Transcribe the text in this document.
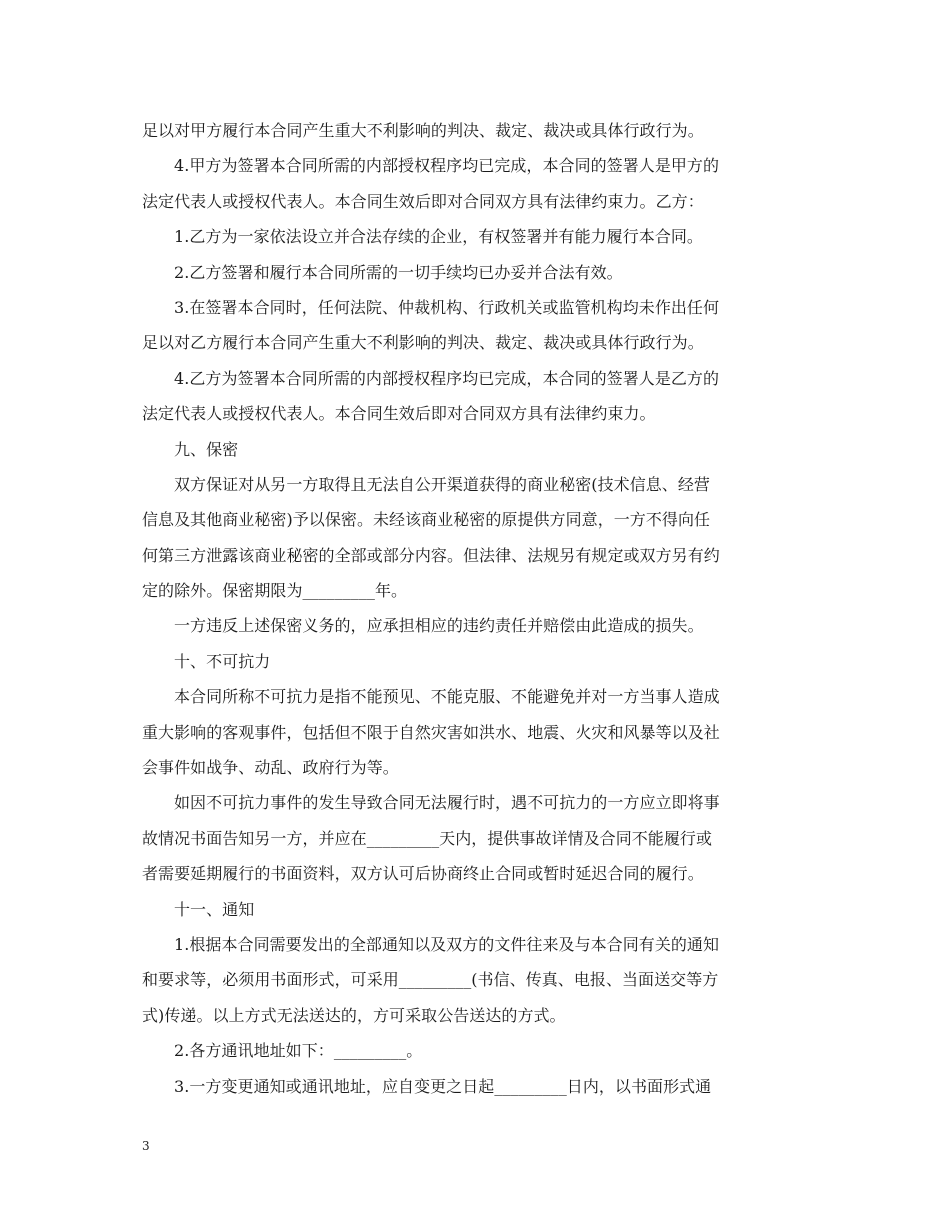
足以对甲方履行本合同产生重大不利影响的判决、裁定、裁决或具体行政行为。
4.甲方为签署本合同所需的内部授权程序均已完成，本合同的签署人是甲方的
法定代表人或授权代表人。本合同生效后即对合同双方具有法律约束力。乙方：
1.乙方为一家依法设立并合法存续的企业，有权签署并有能力履行本合同。
2.乙方签署和履行本合同所需的一切手续均已办妥并合法有效。
3.在签署本合同时，任何法院、仲裁机构、行政机关或监管机构均未作出任何
足以对乙方履行本合同产生重大不利影响的判决、裁定、裁决或具体行政行为。
4.乙方为签署本合同所需的内部授权程序均已完成，本合同的签署人是乙方的
法定代表人或授权代表人。本合同生效后即对合同双方具有法律约束力。
九、保密
双方保证对从另一方取得且无法自公开渠道获得的商业秘密(技术信息、经营
信息及其他商业秘密)予以保密。未经该商业秘密的原提供方同意，一方不得向任
何第三方泄露该商业秘密的全部或部分内容。但法律、法规另有规定或双方另有约
定的除外。保密期限为_________年。
一方违反上述保密义务的，应承担相应的违约责任并赔偿由此造成的损失。
十、不可抗力
本合同所称不可抗力是指不能预见、不能克服、不能避免并对一方当事人造成
重大影响的客观事件，包括但不限于自然灾害如洪水、地震、火灾和风暴等以及社
会事件如战争、动乱、政府行为等。
如因不可抗力事件的发生导致合同无法履行时，遇不可抗力的一方应立即将事
故情况书面告知另一方，并应在_________天内，提供事故详情及合同不能履行或
者需要延期履行的书面资料，双方认可后协商终止合同或暂时延迟合同的履行。
十一、通知
1.根据本合同需要发出的全部通知以及双方的文件往来及与本合同有关的通知
和要求等，必须用书面形式，可采用_________(书信、传真、电报、当面送交等方
式)传递。以上方式无法送达的，方可采取公告送达的方式。
2.各方通讯地址如下：_________。
3.一方变更通知或通讯地址，应自变更之日起_________日内，以书面形式通
3
